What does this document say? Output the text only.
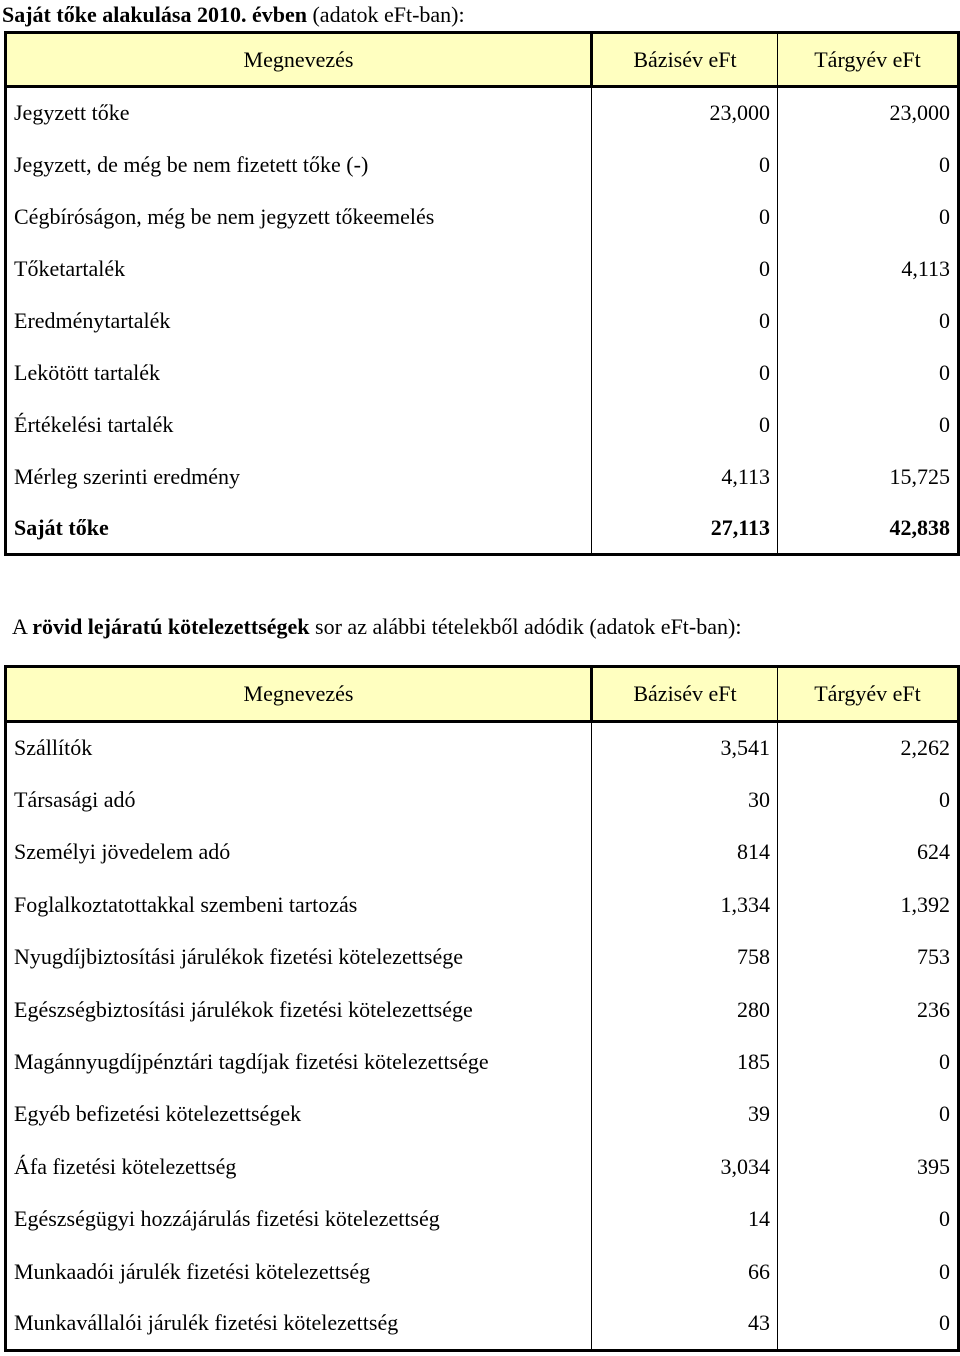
Saját tőke alakulása 2010. évben (adatok eFt-ban):
Megnevezés	Bázisév eFt	Tárgyév eFt
Jegyzett tőke	23,000	23,000
Jegyzett, de még be nem fizetett tőke (-)	0	0
Cégbíróságon, még be nem jegyzett tőkeemelés	0	0
Tőketartalék	0	4,113
Eredménytartalék	0	0
Lekötött tartalék	0	0
Értékelési tartalék	0	0
Mérleg szerinti eredmény	4,113	15,725
Saját tőke	27,113	42,838
A rövid lejáratú kötelezettségek sor az alábbi tételekből adódik (adatok eFt-ban):
Megnevezés	Bázisév eFt	Tárgyév eFt
Szállítók	3,541	2,262
Társasági adó	30	0
Személyi jövedelem adó	814	624
Foglalkoztatottakkal szembeni tartozás	1,334	1,392
Nyugdíjbiztosítási járulékok fizetési kötelezettsége	758	753
Egészségbiztosítási járulékok fizetési kötelezettsége	280	236
Magánnyugdíjpénztári tagdíjak fizetési kötelezettsége	185	0
Egyéb befizetési kötelezettségek	39	0
Áfa fizetési kötelezettség	3,034	395
Egészségügyi hozzájárulás fizetési kötelezettség	14	0
Munkaadói járulék fizetési kötelezettség	66	0
Munkavállalói járulék fizetési kötelezettség	43	0
